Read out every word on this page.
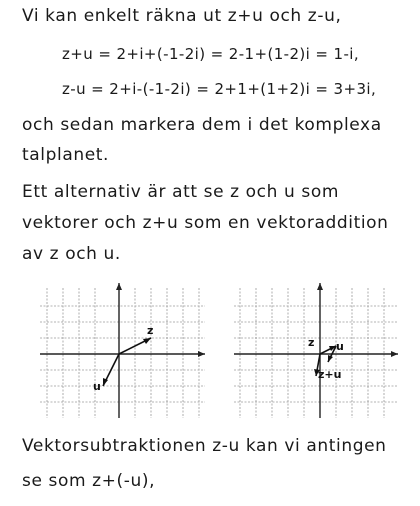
Vi kan enkelt räkna ut z+u och z-u,
z+u = 2+i+(-1-2i) = 2-1+(1-2)i = 1-i,
z-u = 2+i-(-1-2i) = 2+1+(1+2)i = 3+3i,
och sedan markera dem i det komplexa
talplanet.
Ett alternativ är att se z och u som
vektorer och z+u som en vektoraddition
av z och u.
z
u
z u
z+u
Vektorsubtraktionen z-u kan vi antingen
se som z+(-u),
